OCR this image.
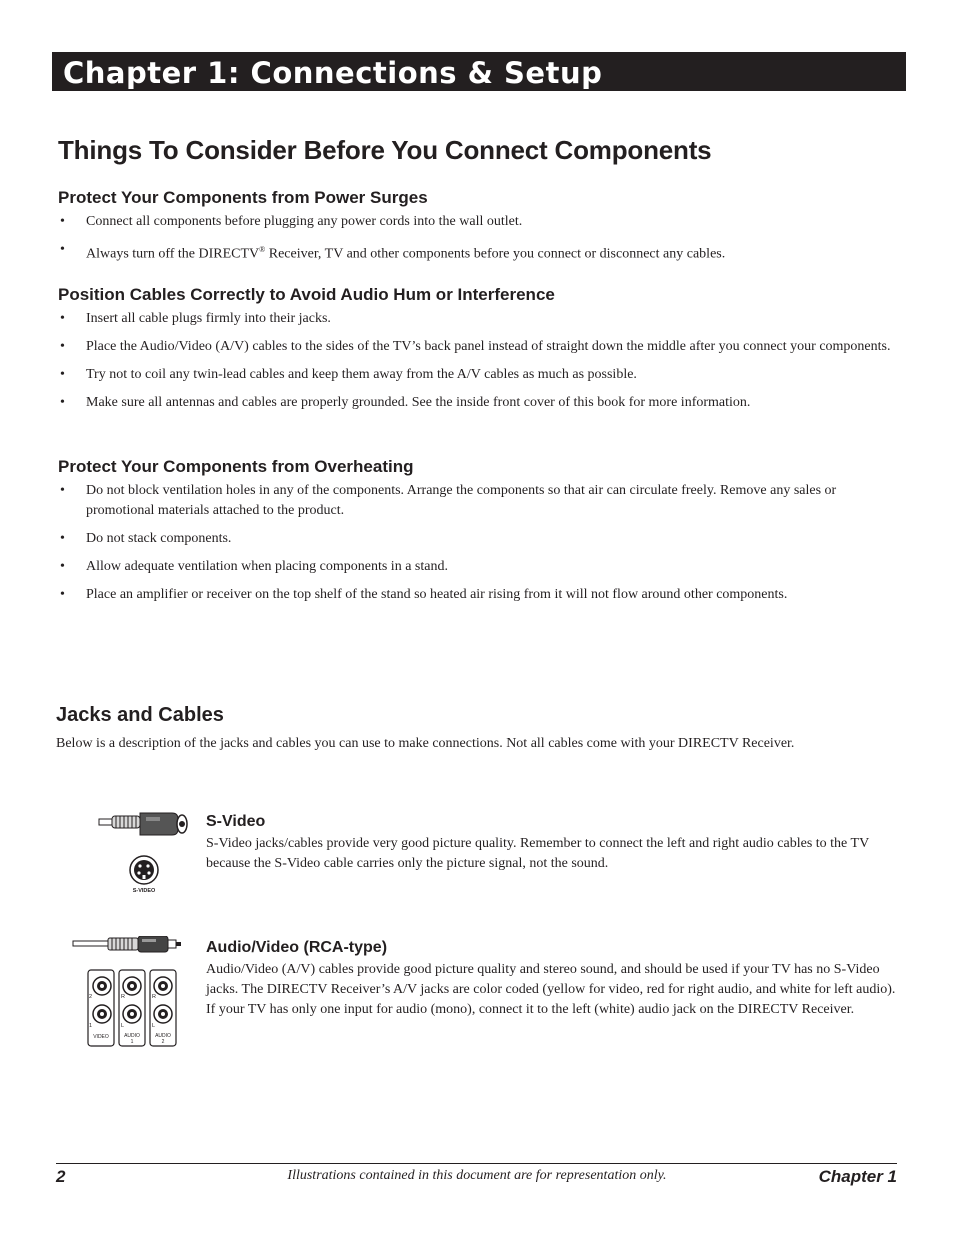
Chapter 1: Connections & Setup
Things To Consider Before You Connect Components
Protect Your Components from Power Surges
• Connect all components before plugging any power cords into the wall outlet.
• Always turn off the DIRECTV® Receiver, TV and other components before you connect or disconnect any cables.
Position Cables Correctly to Avoid Audio Hum or Interference
• Insert all cable plugs firmly into their jacks.
• Place the Audio/Video (A/V) cables to the sides of the TV’s back panel instead of straight down the middle after you connect your components.
• Try not to coil any twin-lead cables and keep them away from the A/V cables as much as possible.
• Make sure all antennas and cables are properly grounded. See the inside front cover of this book for more information.
Protect Your Components from Overheating
• Do not block ventilation holes in any of the components. Arrange the components so that air can circulate freely. Remove any sales or promotional materials attached to the product.
• Do not stack components.
• Allow adequate ventilation when placing components in a stand.
• Place an amplifier or receiver on the top shelf of the stand so heated air rising from it will not flow around other components.
Jacks and Cables

Below is a description of the jacks and cables you can use to make connections. Not all cables come with your DIRECTV Receiver.

S-VIDEO
S-Video

S-Video jacks/cables provide very good picture quality. Remember to connect the left and right audio cables to the TV because the S-Video cable carries only the picture signal, not the sound.

2
1
R
L
R
L
VIDEO	AUDIO
1
AUDIO
2
Audio/Video (RCA-type)

Audio/Video (A/V) cables provide good picture quality and stereo sound, and should be used if your TV has no S-Video jacks. The DIRECTV Receiver’s A/V jacks are color coded (yellow for video, red for right audio, and white for left audio). If your TV has only one input for audio (mono), connect it to the left (white) audio jack on the DIRECTV Receiver.

2	Illustrations contained in this document are for representation only.	Chapter 1
